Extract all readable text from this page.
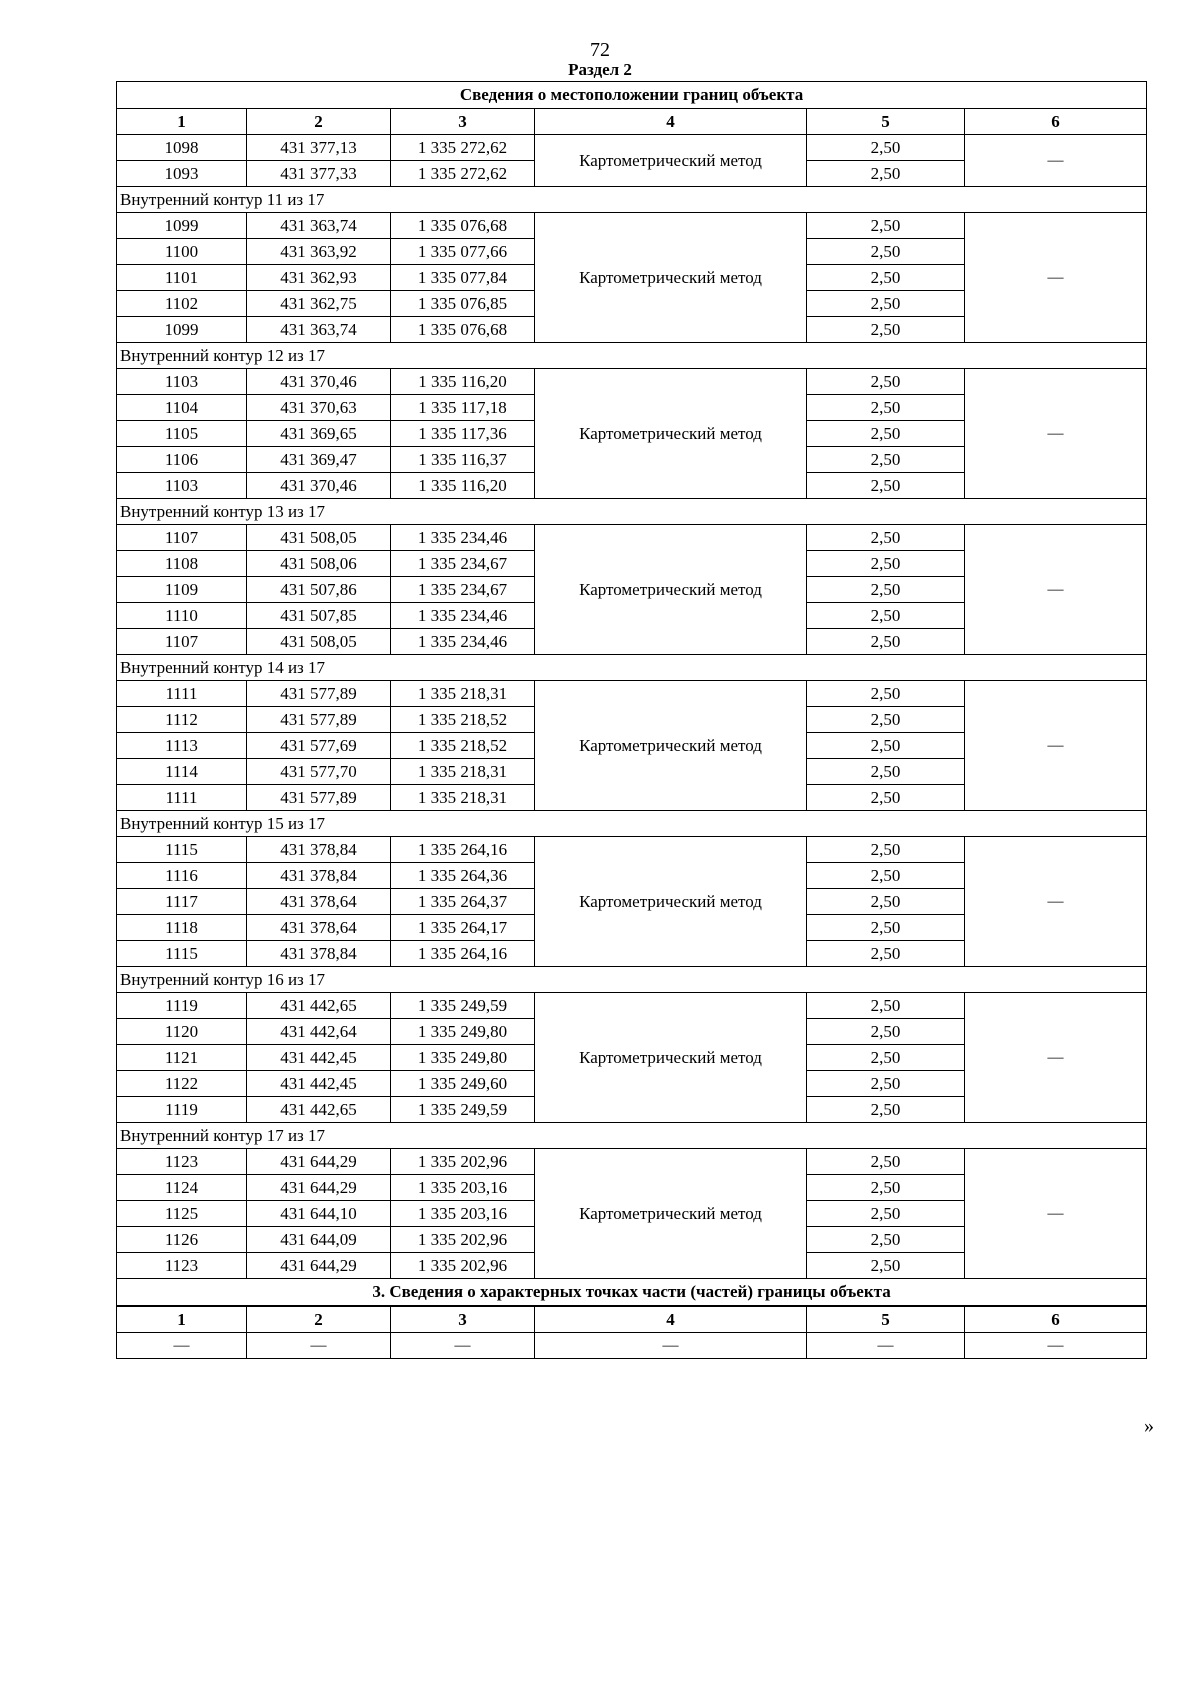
72
Раздел 2
Сведения о местоположении границ объекта					
1	2	3	4	5	6
1098	431 377,13	1 335 272,62	Картометрический метод	2,50	—
1093	431 377,33	1 335 272,62		2,50	
Внутренний контур 11 из 17					
1099	431 363,74	1 335 076,68	Картометрический метод	2,50	—
1100	431 363,92	1 335 077,66		2,50	
1101	431 362,93	1 335 077,84		2,50	
1102	431 362,75	1 335 076,85		2,50	
1099	431 363,74	1 335 076,68		2,50	
Внутренний контур 12 из 17					
1103	431 370,46	1 335 116,20	Картометрический метод	2,50	—
1104	431 370,63	1 335 117,18		2,50	
1105	431 369,65	1 335 117,36		2,50	
1106	431 369,47	1 335 116,37		2,50	
1103	431 370,46	1 335 116,20		2,50	
Внутренний контур 13 из 17					
1107	431 508,05	1 335 234,46	Картометрический метод	2,50	—
1108	431 508,06	1 335 234,67		2,50	
1109	431 507,86	1 335 234,67		2,50	
1110	431 507,85	1 335 234,46		2,50	
1107	431 508,05	1 335 234,46		2,50	
Внутренний контур 14 из 17					
1111	431 577,89	1 335 218,31	Картометрический метод	2,50	—
1112	431 577,89	1 335 218,52		2,50	
1113	431 577,69	1 335 218,52		2,50	
1114	431 577,70	1 335 218,31		2,50	
1111	431 577,89	1 335 218,31		2,50	
Внутренний контур 15 из 17					
1115	431 378,84	1 335 264,16	Картометрический метод	2,50	—
1116	431 378,84	1 335 264,36		2,50	
1117	431 378,64	1 335 264,37		2,50	
1118	431 378,64	1 335 264,17		2,50	
1115	431 378,84	1 335 264,16		2,50	
Внутренний контур 16 из 17					
1119	431 442,65	1 335 249,59	Картометрический метод	2,50	—
1120	431 442,64	1 335 249,80		2,50	
1121	431 442,45	1 335 249,80		2,50	
1122	431 442,45	1 335 249,60		2,50	
1119	431 442,65	1 335 249,59		2,50	
Внутренний контур 17 из 17					
1123	431 644,29	1 335 202,96	Картометрический метод	2,50	—
1124	431 644,29	1 335 203,16		2,50	
1125	431 644,10	1 335 203,16		2,50	
1126	431 644,09	1 335 202,96		2,50	
1123	431 644,29	1 335 202,96		2,50	
3. Сведения о характерных точках части (частей) границы объекта					
1	2	3	4	5	6
—	—	—	—	—	—
»
